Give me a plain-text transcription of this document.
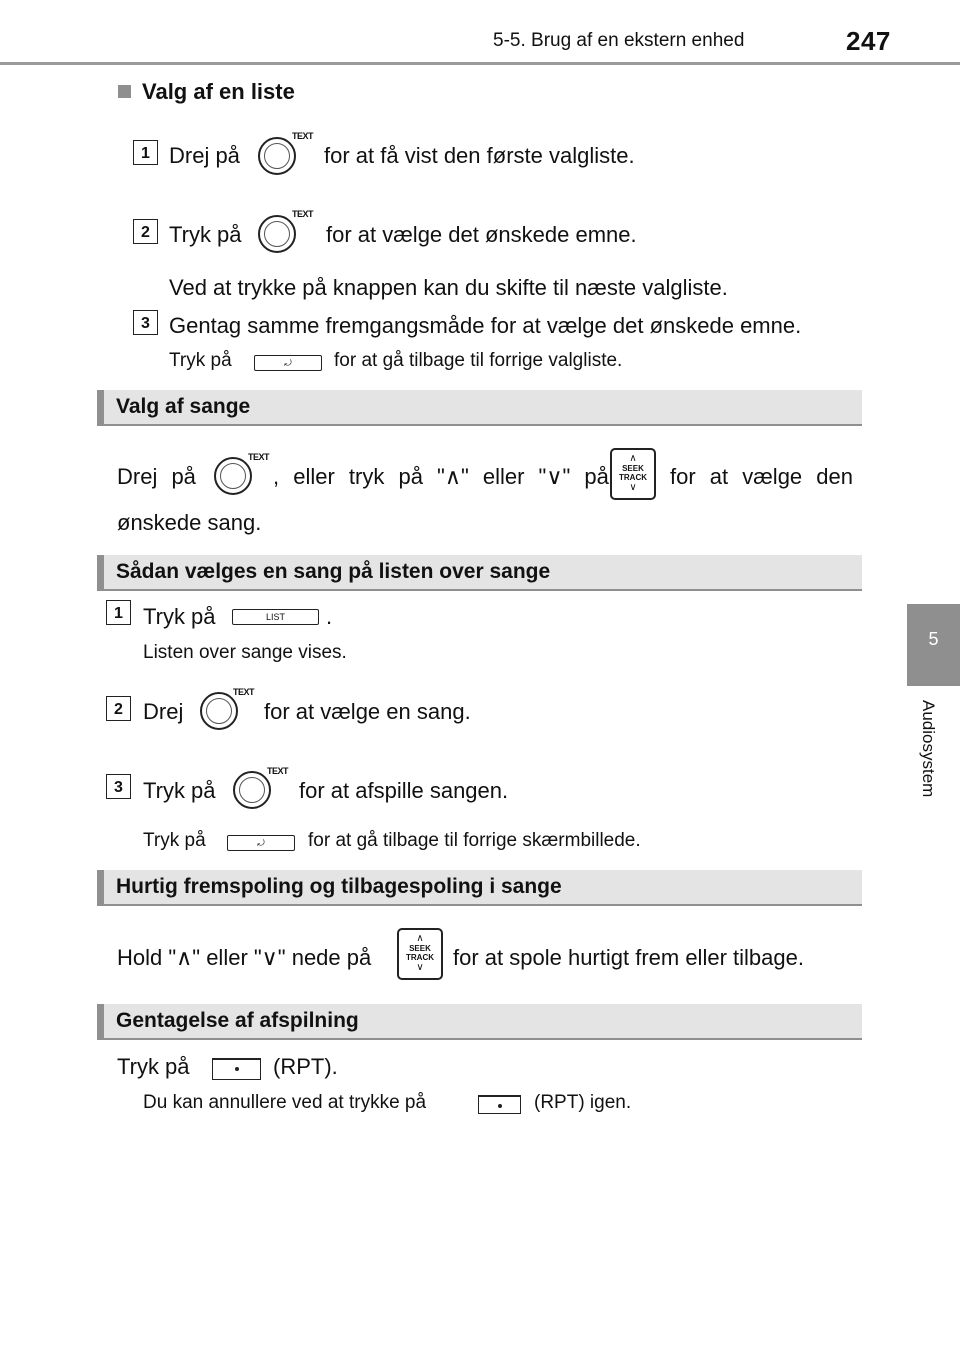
5-5. Brug af en ekstern enhed	247
5
Audiosystem
Valg af en liste
1 Drej på
TEXT
for at få vist den første valgliste.
2 Tryk på
TEXT
for at vælge det ønskede emne.
Ved at trykke på knappen kan du skifte til næste valgliste.
3 Gentag samme fremgangsmåde for at vælge det ønskede emne.
Tryk på	⤾	for at gå tilbage til forrige valgliste.
Valg af sange
Drej på
TEXT
, eller tryk på "∧" eller "∨" på
∧
SEEK
TRACK
∨	for at vælge den
ønskede sang.
Sådan vælges en sang på listen over sange
1 Tryk på	LIST	.
Listen over sange vises.
2 Drej
TEXT
for at vælge en sang.
3 Tryk på
TEXT
for at afspille sangen.
Tryk på	⤾	for at gå tilbage til forrige skærmbillede.
Hurtig fremspoling og tilbagespoling i sange
Hold "∧" eller "∨" nede på
∧
SEEK
TRACK
∨	for at spole hurtigt frem eller tilbage.
Gentagelse af afspilning
Tryk på	(RPT).
Du kan annullere ved at trykke på	(RPT) igen.
